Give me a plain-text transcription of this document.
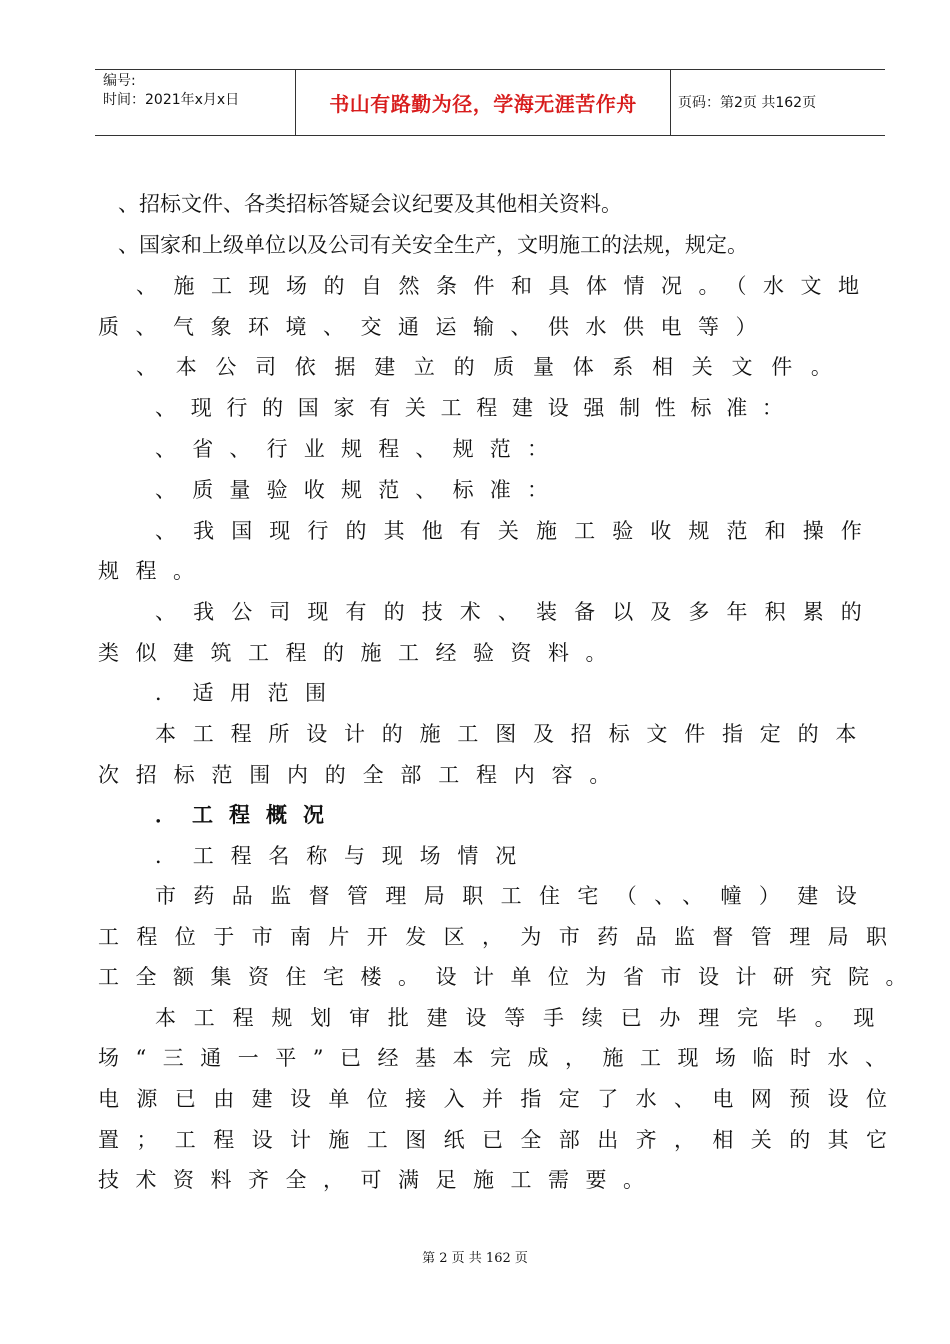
编号:
时间：2021年x月x日	书山有路勤为径，学海无涯苦作舟	页码：第2页 共162页
、招标文件、各类招标答疑会议纪要及其他相关资料。
、国家和上级单位以及公司有关安全生产，文明施工的法规，规定。
、施工现场的自然条件和具体情况。（水文地
质、气象环境、交通运输、供水供电等）
、本公司依据建立的质量体系相关文件。
、现行的国家有关工程建设强制性标准：
、省、行业规程、规范：
、质量验收规范、标准：
、我国现行的其他有关施工验收规范和操作
规程。
、我公司现有的技术、装备以及多年积累的
类似建筑工程的施工经验资料。
．适用范围
本工程所设计的施工图及招标文件指定的本
次招标范围内的全部工程内容。
．工程概况
．工程名称与现场情况
市药品监督管理局职工住宅（、、幢）建设
工程位于市南片开发区，为市药品监督管理局职
工全额集资住宅楼。设计单位为省市设计研究院。
本工程规划审批建设等手续已办理完毕。现
场“三通一平”已经基本完成，施工现场临时水、
电源已由建设单位接入并指定了水、电网预设位
置；工程设计施工图纸已全部出齐，相关的其它
技术资料齐全，可满足施工需要。
第 2 页 共 162 页
